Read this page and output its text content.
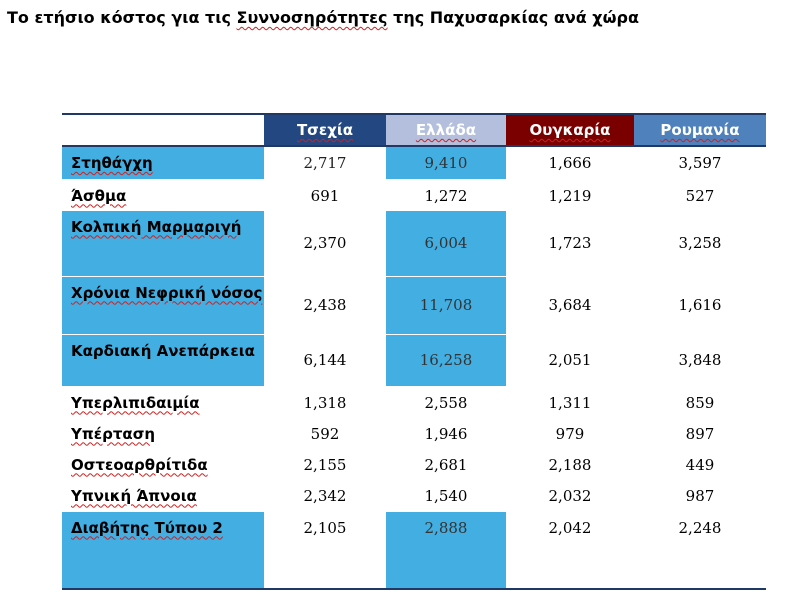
Το ετήσιο κόστος για τις Συννοσηρότητες της Παχυσαρκίας ανά χώρα
	Τσεχία	Ελλάδα	Ουγκαρία	Ρουμανία
Στηθάγχη	2,717	9,410	1,666	3,597
Άσθμα	691	1,272	1,219	527
Κολπική Μαρμαριγή	2,370	6,004	1,723	3,258
Χρόνια Νεφρική νόσος	2,438	11,708	3,684	1,616
Καρδιακή Ανεπάρκεια	6,144	16,258	2,051	3,848
Υπερλιπιδαιμία	1,318	2,558	1,311	859
Υπέρταση	592	1,946	979	897
Οστεοαρθρίτιδα	2,155	2,681	2,188	449
Υπνική Άπνοια	2,342	1,540	2,032	987
Διαβήτης Τύπου 2	2,105	2,888	2,042	2,248
